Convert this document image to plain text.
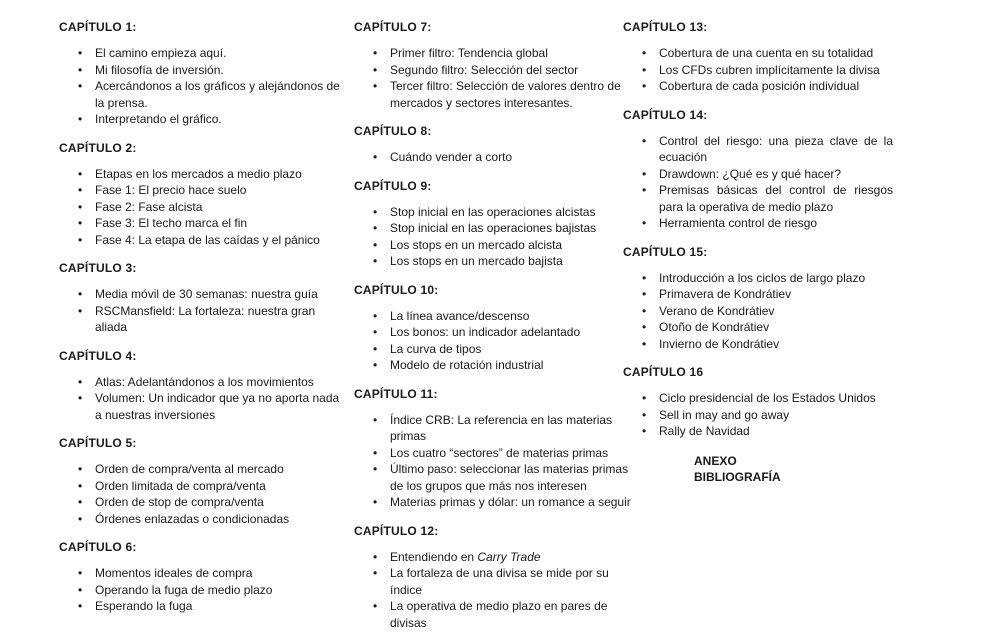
CAPÍTULO 1:
• El camino empieza aquí.
• Mi filosofía de inversión.
• Acercándonos a los gráficos y alejándonos de la prensa.
• Interpretando el gráfico.
CAPÍTULO 2:
• Etapas en los mercados a medio plazo
• Fase 1: El precio hace suelo
• Fase 2: Fase alcista
• Fase 3: El techo marca el fin
• Fase 4: La etapa de las caídas y el pánico
CAPÍTULO 3:
• Media móvil de 30 semanas: nuestra guía
• RSCMansfield: La fortaleza: nuestra gran aliada
CAPÍTULO 4:
• Atlas: Adelantándonos a los movimientos
• Volumen: Un indicador que ya no aporta nada a nuestras inversiones
CAPÍTULO 5:
• Orden de compra/venta al mercado
• Orden limitada de compra/venta
• Orden de stop de compra/venta
• Órdenes enlazadas o condicionadas
CAPÍTULO 6:
• Momentos ideales de compra
• Operando la fuga de medio plazo
• Esperando la fuga
CAPÍTULO 7:
• Primer filtro: Tendencia global
• Segundo filtro: Selección del sector
• Tercer filtro: Selección de valores dentro de mercados y sectores interesantes.
CAPÍTULO 8:
• Cuándo vender a corto
CAPÍTULO 9:
• Stop inicial en las operaciones alcistas
• Stop inicial en las operaciones bajistas
• Los stops en un mercado alcista
• Los stops en un mercado bajista
CAPÍTULO 10:
• La línea avance/descenso
• Los bonos: un indicador adelantado
• La curva de tipos
• Modelo de rotación industrial
CAPÍTULO 11:
• Índice CRB: La referencia en las materias primas
• Los cuatro “sectores” de materias primas
• Último paso: seleccionar las materias primas de los grupos que más nos interesen
• Materias primas y dólar: un romance a seguir
CAPÍTULO 12:
• Entendiendo en Carry Trade
• La fortaleza de una divisa se mide por su índice
• La operativa de medio plazo en pares de divisas
CAPÍTULO 13:
• Cobertura de una cuenta en su totalidad
• Los CFDs cubren implícitamente la divisa
• Cobertura de cada posición individual
CAPÍTULO 14:
• Control del riesgo: una pieza clave de la ecuación
• Drawdown: ¿Qué es y qué hacer?
• Premisas básicas del control de riesgos para la operativa de medio plazo
• Herramienta control de riesgo
CAPÍTULO 15:
• Introducción a los ciclos de largo plazo
• Primavera de Kondrátiev
• Verano de Kondrátiev
• Otoño de Kondrátiev
• Invierno de Kondrátiev
CAPÍTULO 16
• Ciclo presidencial de los Estados Unidos
• Sell in may and go away
• Rally de Navidad
ANEXO
BIBLIOGRAFÍA
